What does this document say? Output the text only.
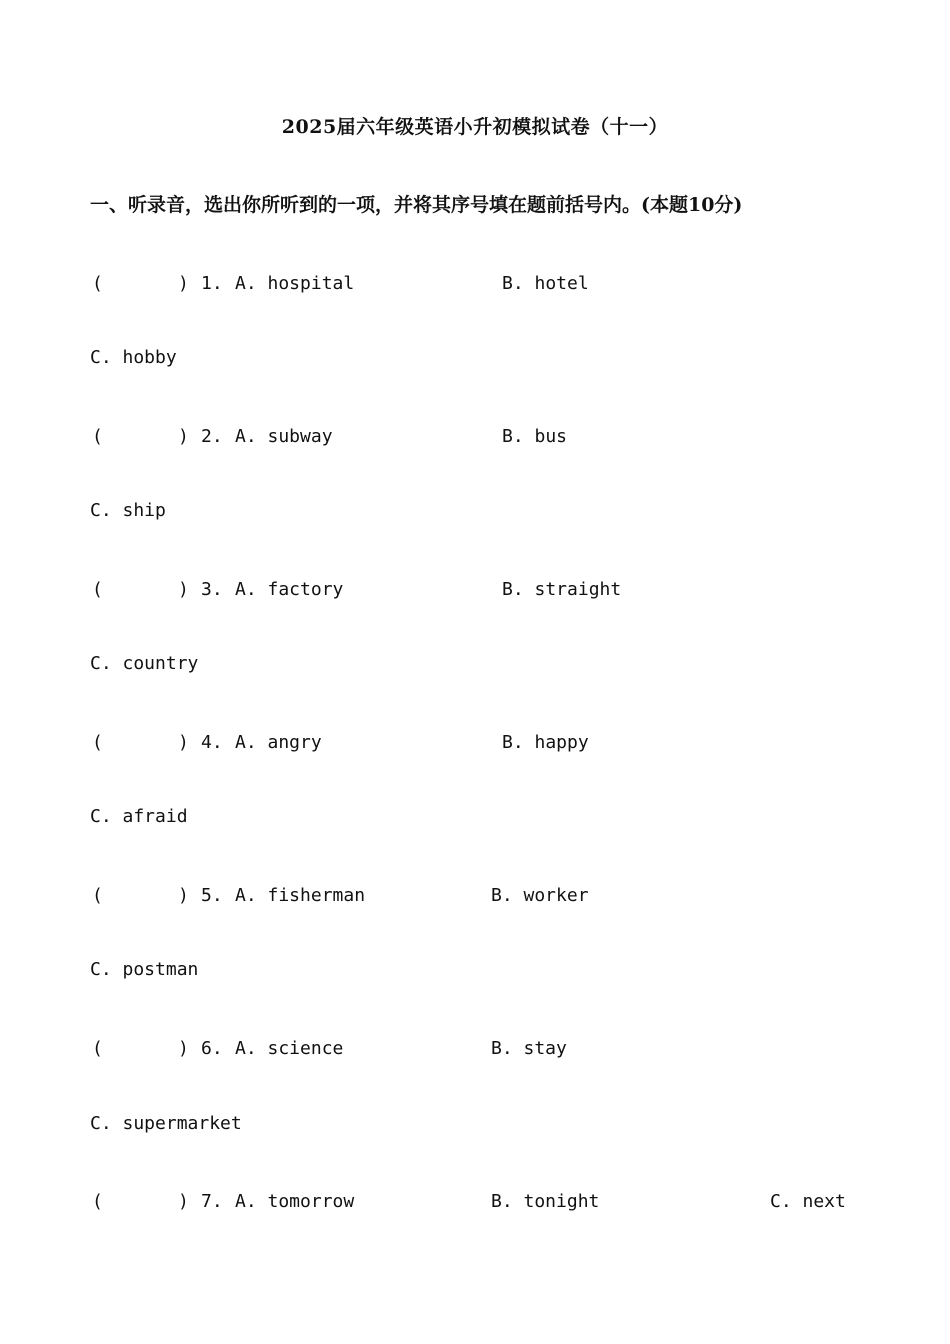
2025届六年级英语小升初模拟试卷（十一）
一、听录音，选出你所听到的一项，并将其序号填在题前括号内。(本题10分)
(	) 1. A. hospital	B. hotel
C. hobby
(	) 2. A. subway	B. bus
C. ship
(	) 3. A. factory	B. straight
C. country
(	) 4. A. angry	B. happy
C. afraid
(	) 5. A. fisherman	B. worker
C. postman
(	) 6. A. science	B. stay
C. supermarket
(	) 7. A. tomorrow	B. tonight	C. next
